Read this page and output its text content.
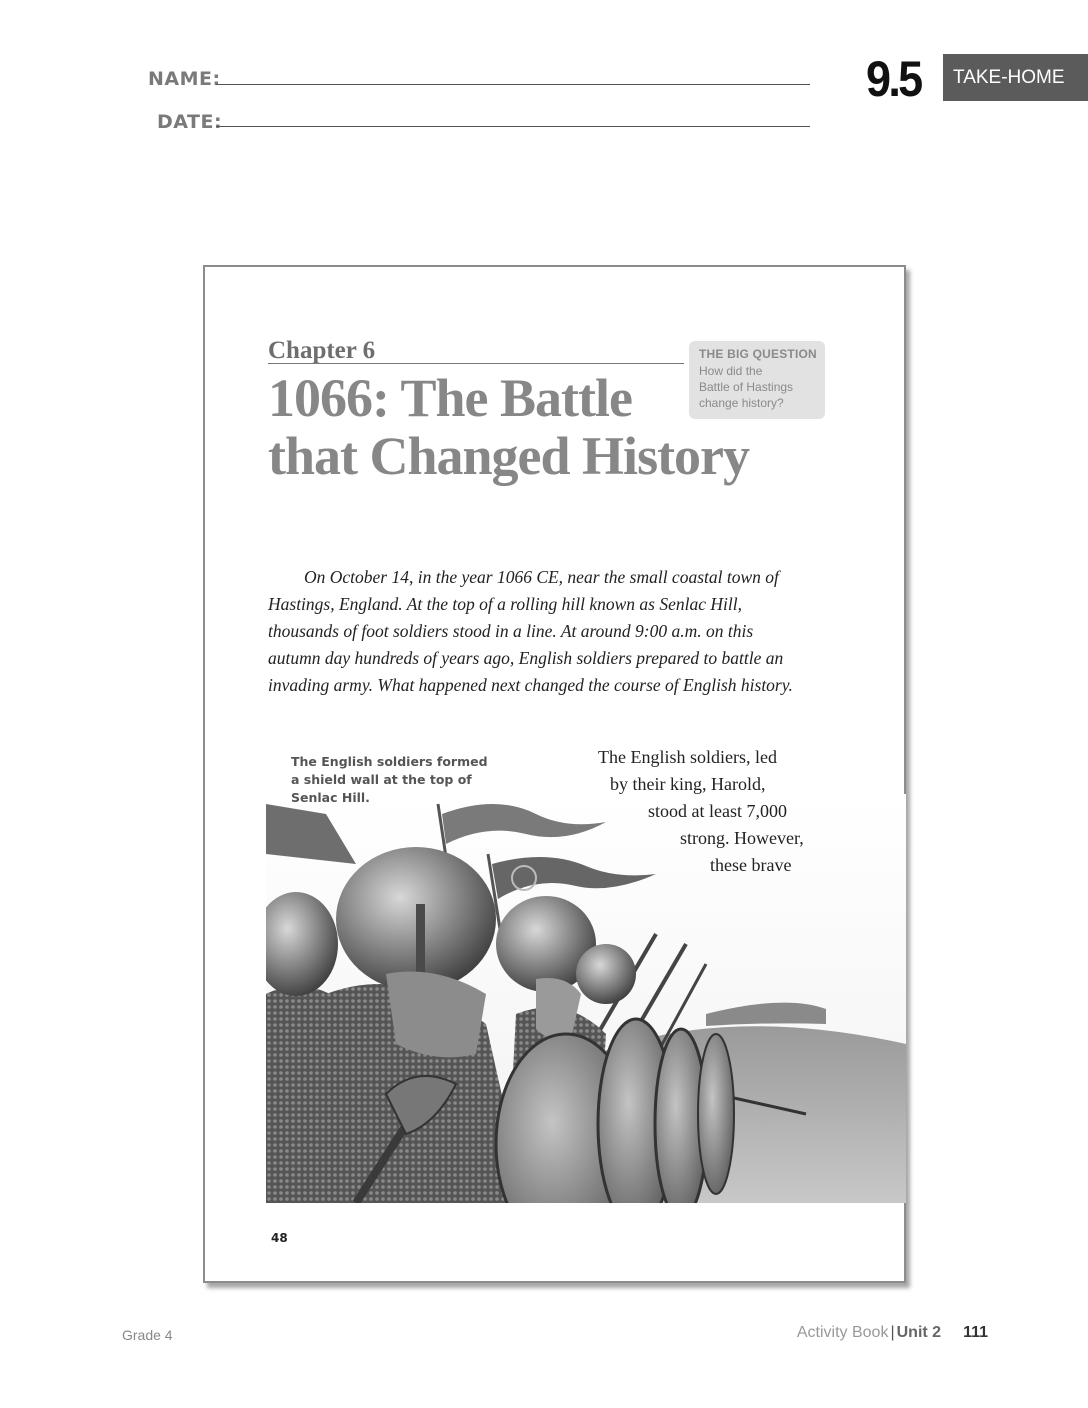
NAME:
DATE:
9.5	TAKE-HOME
Chapter 6
1066: The Battle
that Changed History
THE BIG QUESTION
How did the
Battle of Hastings
change history?

On October 14, in the year 1066 CE, near the small coastal town of Hastings, England. At the top of a rolling hill known as Senlac Hill, thousands of foot soldiers stood in a line. At around 9:00 a.m. on this autumn day hundreds of years ago, English soldiers prepared to battle an invading army. What happened next changed the course of English history.

The English soldiers formed a shield wall at the top of Senlac Hill.
The English soldiers, led
by their king, Harold,
stood at least 7,000
strong. However,
these brave
48
Grade 4	Activity Book | Unit 2 111
